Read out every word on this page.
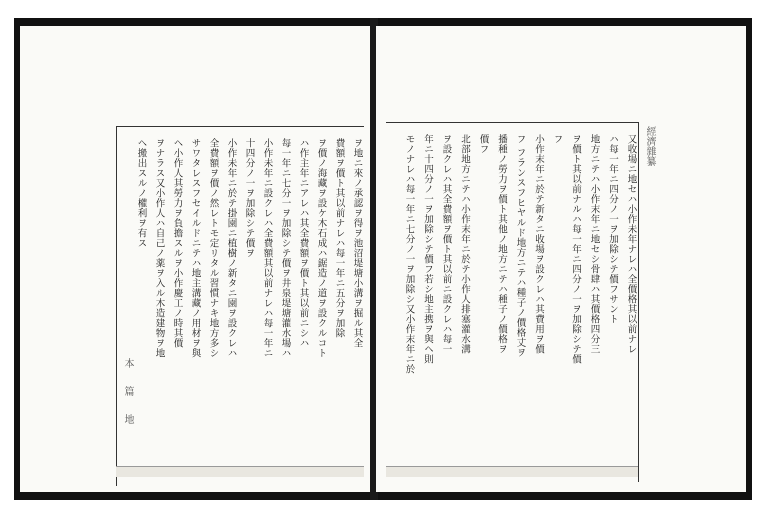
ヲ地ニ來ノ承認ヲ得ヲ池沼堤塘小溝ヲ掘ル其全
費額ヲ價ト其以前ナレハ每一年ニ五分ヲ加除
ヲ價ノ海藏ヲ設ケ木石成ハ鋸造ノ道ヲ設クルコト
ハ作主年ニアレハ其全費額ヲ價ト其以前ニシハ
每一年ニ七分一ヲ加除シテ價ヲ井泉堤塘灌水場ハ
小作未年ニ設クレハ全費額其以前ナレハ每一年ニ
十四分ノ一ヲ加除シテ價ヲ
小作未年ニ於テ掛園ニ植樹ノ新タニ園ヲ設クレハ
全費額ヲ價ノ然レトモ定リタル習慣ナキ地方多シ
サワタレスフセイルドニテハ地主溝藏ノ用材ヲ與
ヘ小作人其勞力ヲ負擔スルヲ小作慶工ノ時其價
ヲナラス又小作人ハ自己ノ薬ヲ入ル木造建物ヲ地
ヘ搬出スルノ權利ヲ有ス
本
篇
地
經濟雜纂
又收場ニ地セハ小作未年ナレハ全價格其以前ナレ
ハ每一年ニ四分ノ一ヲ加除シテ價フサント
地方ニテハ小作末年ニ地セシ骨肆ハ其價格四分三
ヲ價ト其以前ナルハ每一年ニ四分ノ一ヲ加除シテ價
フ
小作末年ニ於テ新タニ收場ヲ設クレハ其費用ヲ價
フ フランスフヒヤルド地方ニテハ種子ノ價格丈ヲ
播種ノ勞力ヲ價ト其他ノ地方ニテハ種子ノ價格ヲ
價フ
北部地方ニテハ小作末年ニ於テ小作人排塞灌水溝
ヲ設クレハ其全費額ヲ價ト其以前ニ設クレハ每一
年ニ十四分ノ一ヲ加除シテ價フ若シ地主携ヲ與ヘ則
モノナレハ每一年ニ七分ノ一ヲ加除シ又小作末年ニ於
